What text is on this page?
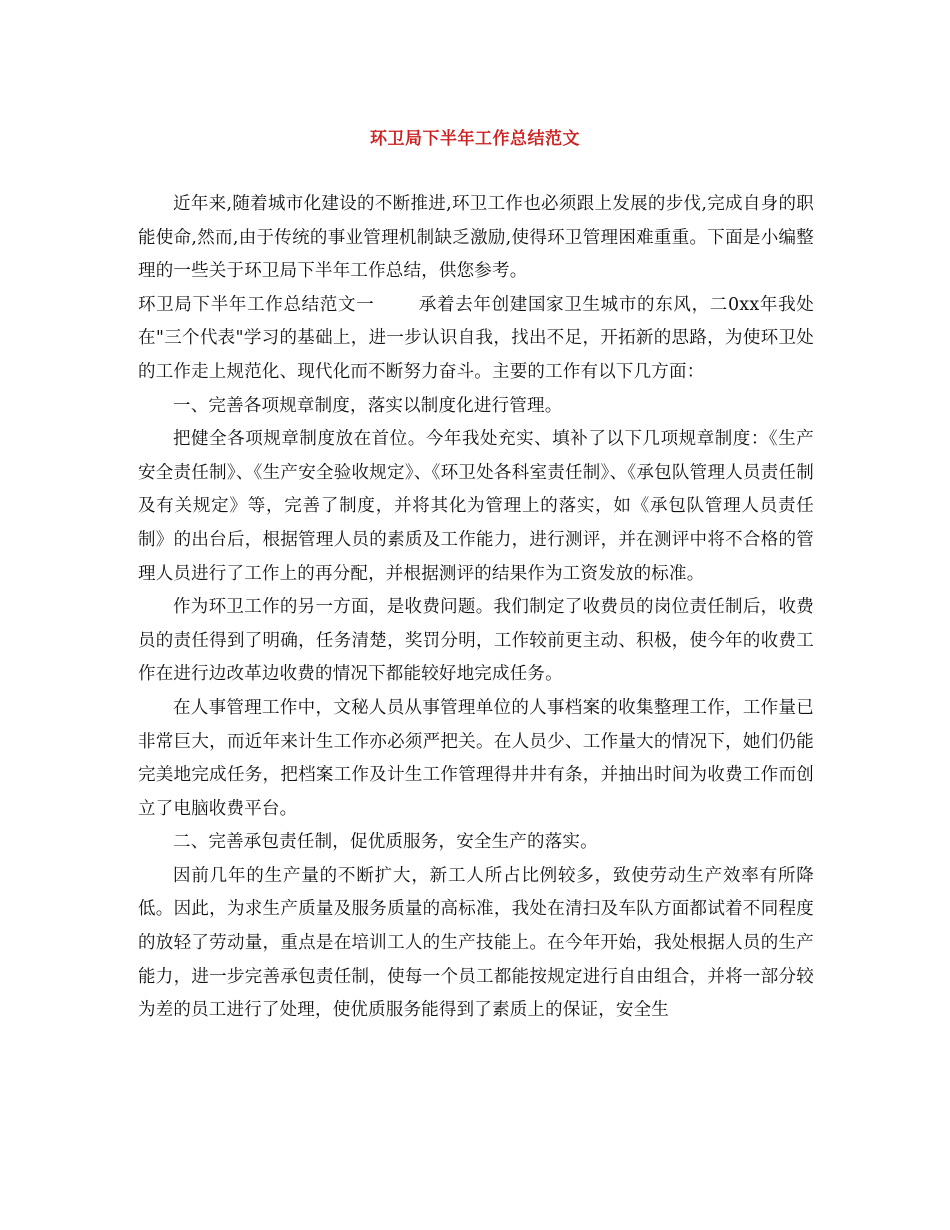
环卫局下半年工作总结范文

近年来,随着城市化建设的不断推进,环卫工作也必须跟上发展的步伐,完成自身的职能使命,然而,由于传统的事业管理机制缺乏激励,使得环卫管理困难重重。下面是小编整理的一些关于环卫局下半年工作总结，供您参考。

环卫局下半年工作总结范文一	承着去年创建国家卫生城市的东风，二0xx年我处在"三个代表"学习的基础上，进一步认识自我，找出不足，开拓新的思路，为使环卫处的工作走上规范化、现代化而不断努力奋斗。主要的工作有以下几方面：

一、完善各项规章制度，落实以制度化进行管理。

把健全各项规章制度放在首位。今年我处充实、填补了以下几项规章制度：《生产安全责任制》、《生产安全验收规定》、《环卫处各科室责任制》、《承包队管理人员责任制及有关规定》等，完善了制度，并将其化为管理上的落实，如《承包队管理人员责任制》的出台后，根据管理人员的素质及工作能力，进行测评，并在测评中将不合格的管理人员进行了工作上的再分配，并根据测评的结果作为工资发放的标准。

作为环卫工作的另一方面，是收费问题。我们制定了收费员的岗位责任制后，收费员的责任得到了明确，任务清楚，奖罚分明，工作较前更主动、积极，使今年的收费工作在进行边改革边收费的情况下都能较好地完成任务。

在人事管理工作中，文秘人员从事管理单位的人事档案的收集整理工作，工作量已非常巨大，而近年来计生工作亦必须严把关。在人员少、工作量大的情况下，她们仍能完美地完成任务，把档案工作及计生工作管理得井井有条，并抽出时间为收费工作而创立了电脑收费平台。

二、完善承包责任制，促优质服务，安全生产的落实。

因前几年的生产量的不断扩大，新工人所占比例较多，致使劳动生产效率有所降低。因此，为求生产质量及服务质量的高标准，我处在清扫及车队方面都试着不同程度的放轻了劳动量，重点是在培训工人的生产技能上。在今年开始，我处根据人员的生产能力，进一步完善承包责任制，使每一个员工都能按规定进行自由组合，并将一部分较为差的员工进行了处理，使优质服务能得到了素质上的保证，安全生
